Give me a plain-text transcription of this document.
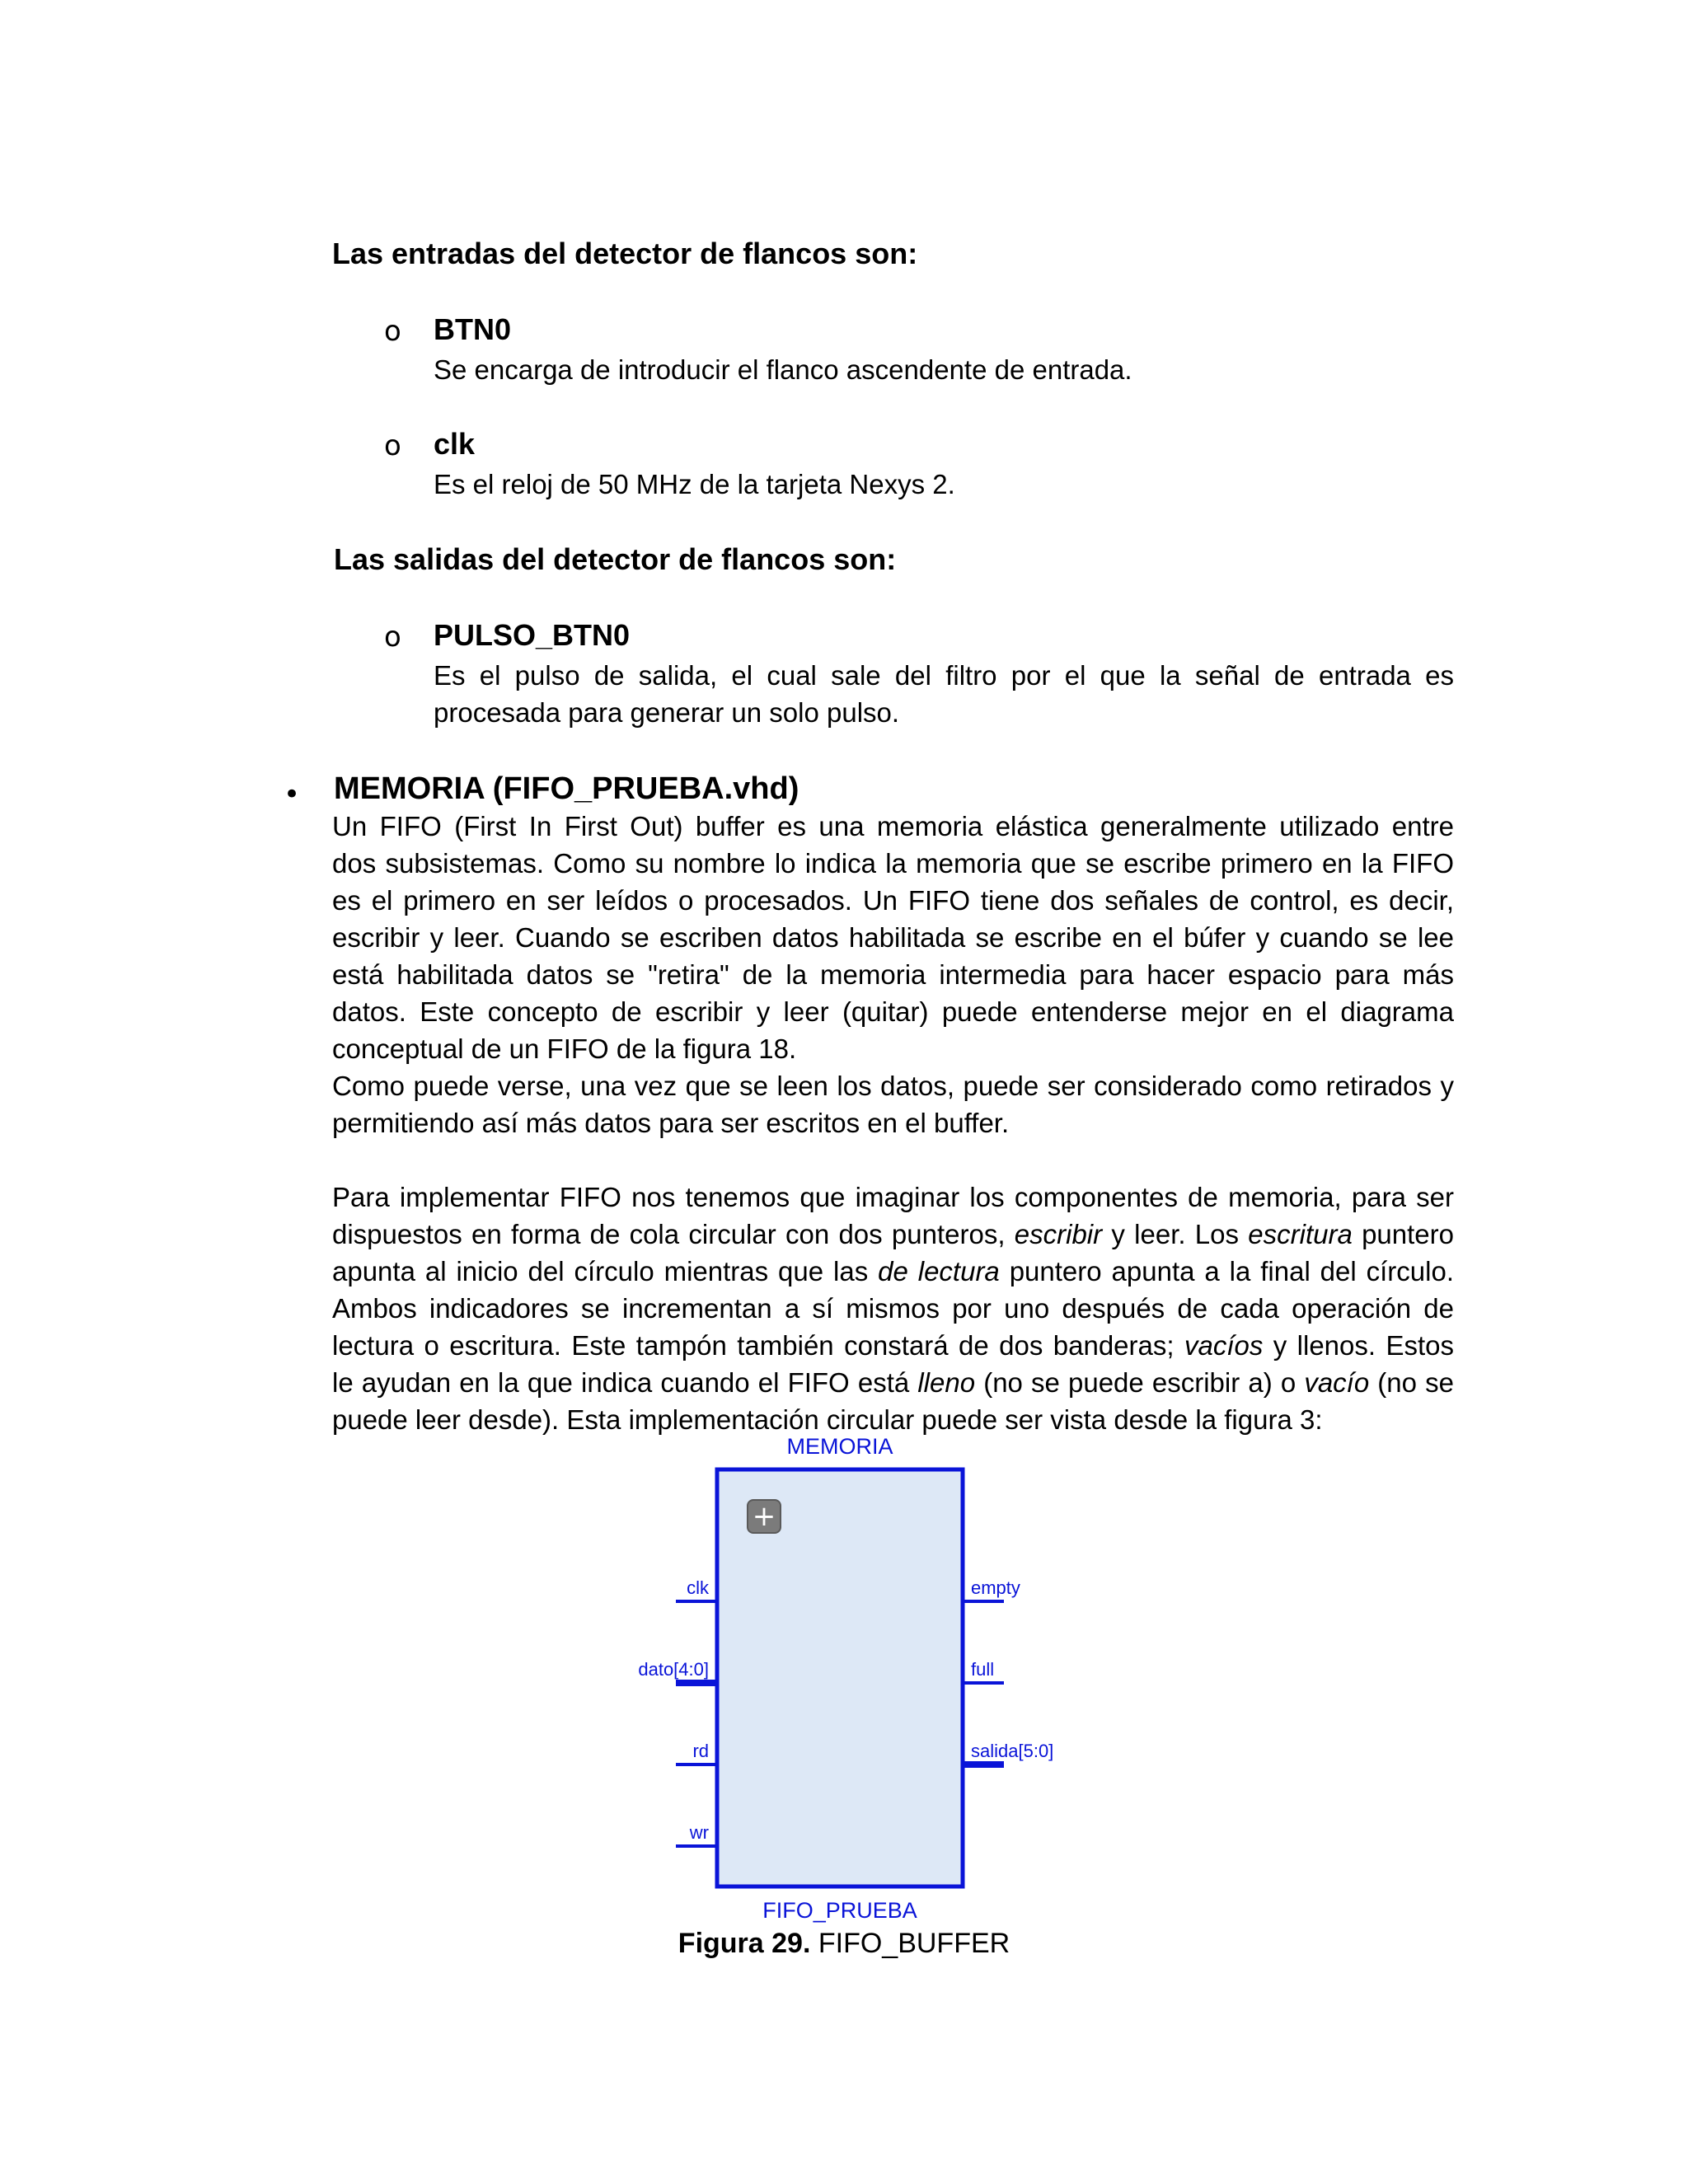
Las entradas del detector de flancos son:
o BTN0
Se encarga de introducir el flanco ascendente de entrada.
o clk
Es el reloj de 50 MHz de la tarjeta Nexys 2.
Las salidas del detector de flancos son:
o PULSO_BTN0
Es el pulso de salida, el cual sale del filtro por el que la señal de entrada es procesada para generar un solo pulso.
• MEMORIA (FIFO_PRUEBA.vhd)
Un FIFO (First In First Out) buffer es una memoria elástica generalmente utilizado entre
dos subsistemas. Como su nombre lo indica la memoria que se escribe primero en la FIFO
es el primero en ser leídos o procesados. Un FIFO tiene dos señales de control, es decir,
escribir y leer. Cuando se escriben datos habilitada se escribe en el búfer y cuando se lee
está habilitada datos se "retira" de la memoria intermedia para hacer espacio para más
datos. Este concepto de escribir y leer (quitar) puede entenderse mejor en el diagrama
conceptual de un FIFO de la figura 18.
Como puede verse, una vez que se leen los datos, puede ser considerado como retirados y
permitiendo así más datos para ser escritos en el buffer.
Para implementar FIFO nos tenemos que imaginar los componentes de memoria, para ser
dispuestos en forma de cola circular con dos punteros, escribir y leer. Los escritura puntero
apunta al inicio del círculo mientras que las de lectura puntero apunta a la final del círculo.
Ambos indicadores se incrementan a sí mismos por uno después de cada operación de
lectura o escritura. Este tampón también constará de dos banderas; vacíos y llenos. Estos
le ayudan en la que indica cuando el FIFO está lleno (no se puede escribir a) o vacío (no se
puede leer desde). Esta implementación circular puede ser vista desde la figura 3:
MEMORIA
+
clk
dato[4:0]
rd
wr
empty
full
salida[5:0]
FIFO_PRUEBA
Figura 29. FIFO_BUFFER
